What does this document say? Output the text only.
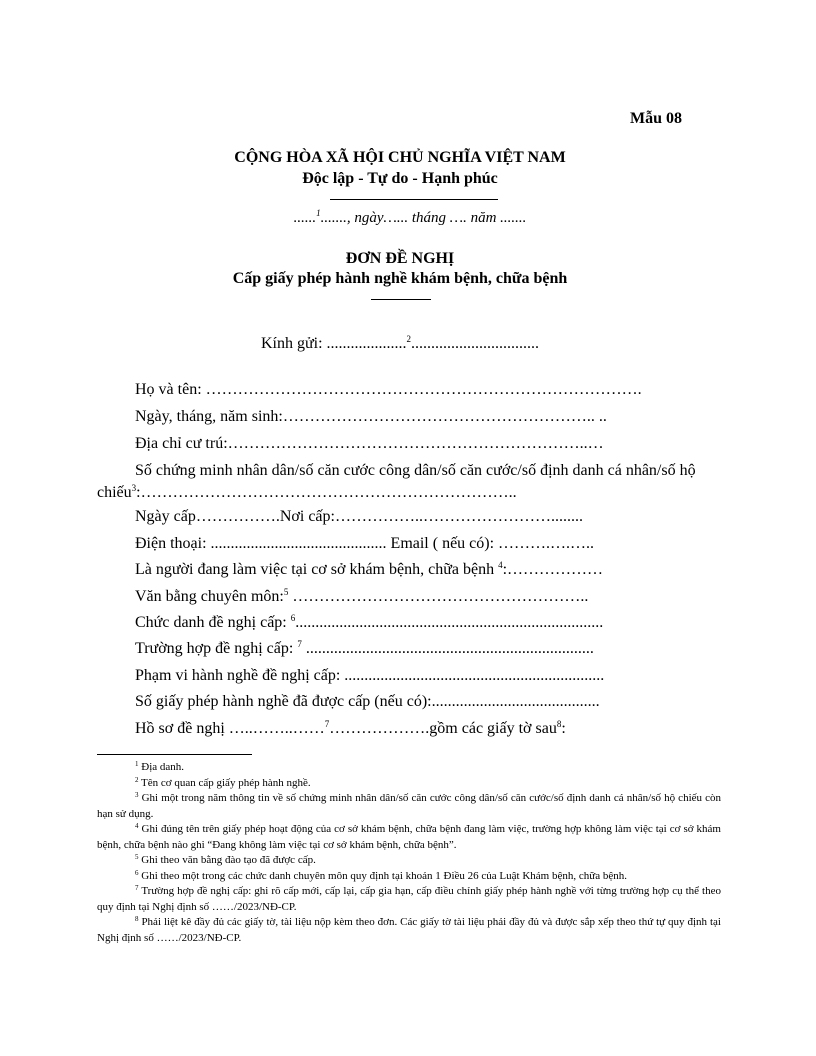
Mẫu 08
CỘNG HÒA XÃ HỘI CHỦ NGHĨA VIỆT NAM
Độc lập - Tự do - Hạnh phúc
......$^1$......., ngày…... tháng …. năm .......
ĐƠN ĐỀ NGHỊ
Cấp giấy phép hành nghề khám bệnh, chữa bệnh
Kính gửi: ....................$^2$................................
Họ và tên: ……………………………………………………………………….
Ngày, tháng, năm sinh:………………………………………………….. ..
Địa chỉ cư trú:…………………………………………………………..…
Số chứng minh nhân dân/số căn cước công dân/số căn cước/số định danh cá nhân/số hộ chiếu$^3$:……………………………………………………………..
Ngày cấp…………….Nơi cấp:……………..……………………........
Điện thoại: ............................................ Email ( nếu có): ……….….…..
Là người đang làm việc tại cơ sở khám bệnh, chữa bệnh $^4$:………………
Văn bằng chuyên môn:$^5$ ………………………………………………..
Chức danh đề nghị cấp: $^6$.............................................................................
Trường hợp đề nghị cấp: $^7$ ........................................................................
Phạm vi hành nghề đề nghị cấp: .................................................................
Số giấy phép hành nghề đã được cấp (nếu có):..........................................
Hồ sơ đề nghị …..……..……$^7$……………….gồm các giấy tờ sau$^8$:
$^1$ Địa danh.
$^2$ Tên cơ quan cấp giấy phép hành nghề.
$^3$ Ghi một trong năm thông tin về số chứng minh nhân dân/số căn cước công dân/số căn cước/số định danh cá nhân/số hộ chiếu còn hạn sử dụng.
$^4$ Ghi đúng tên trên giấy phép hoạt động của cơ sở khám bệnh, chữa bệnh đang làm việc, trường hợp không làm việc tại cơ sở khám bệnh, chữa bệnh nào ghi “Đang không làm việc tại cơ sở khám bệnh, chữa bệnh”.
$^5$ Ghi theo văn bằng đào tạo đã được cấp.
$^6$ Ghi theo một trong các chức danh chuyên môn quy định tại khoản 1 Điều 26 của Luật Khám bệnh, chữa bệnh.
$^7$ Trường hợp đề nghị cấp: ghi rõ cấp mới, cấp lại, cấp gia hạn, cấp điều chỉnh giấy phép hành nghề với từng trường hợp cụ thể theo quy định tại Nghị định số ……/2023/NĐ-CP.
$^8$ Phải liệt kê đầy đủ các giấy tờ, tài liệu nộp kèm theo đơn. Các giấy tờ tài liệu phải đầy đủ và được sắp xếp theo thứ tự quy định tại Nghị định số ……/2023/NĐ-CP.
